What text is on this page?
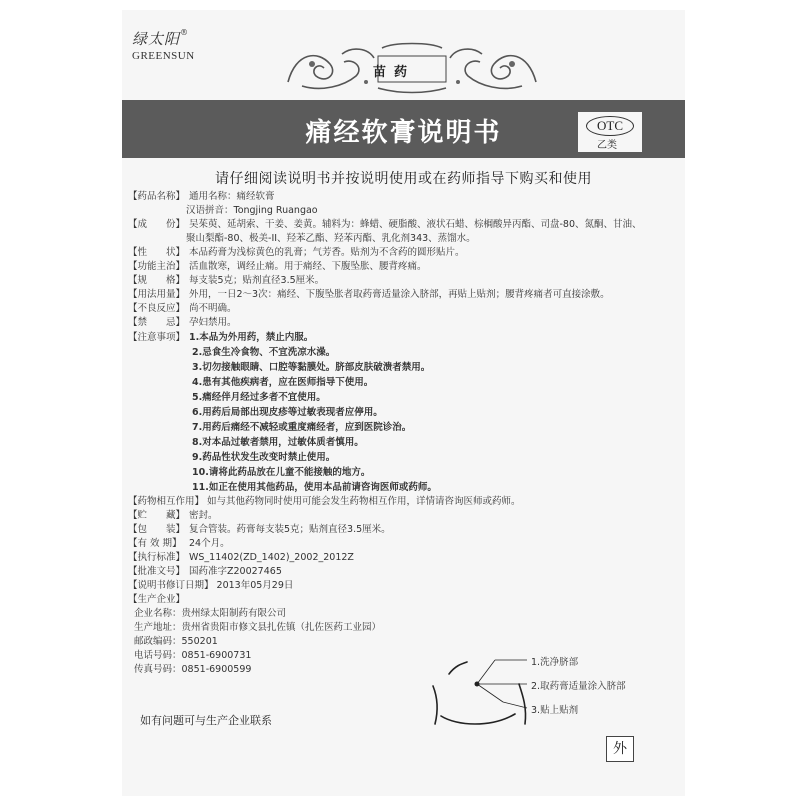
绿太阳®
GREENSUN
苗药
痛经软膏说明书	OTC
乙类
请仔细阅读说明书并按说明使用或在药师指导下购买和使用
【 药品名称 】 通用名称：痛经软膏
汉语拼音：Tongjing Ruangao
【 成　　份 】 吴茱萸、延胡索、干姜、姜黄。辅料为：蜂蜡、硬脂酸、液状石蜡、棕榈酸异丙酯、司盘-80、氮酮、甘油、
聚山梨酯-80、极美-II、羟苯乙酯、羟苯丙酯、乳化剂343、蒸馏水。
【 性　　状 】 本品药膏为浅棕黄色的乳膏；气芳香。贴剂为不含药的圆形贴片。
【 功能主治 】 活血散寒，调经止痛。用于痛经、下腹坠胀、腰背疼痛。
【 规　　格 】 每支装5克；贴剂直径3.5厘米。
【 用法用量 】 外用，一日2～3次：痛经、下腹坠胀者取药膏适量涂入脐部，再贴上贴剂；腰背疼痛者可直接涂敷。
【 不良反应 】 尚不明确。
【 禁　　忌 】 孕妇禁用。
【 注意事项 】 1.本品为外用药，禁止内服。
2.忌食生冷食物、不宜洗凉水澡。
3.切勿接触眼睛、口腔等黏膜处。脐部皮肤破溃者禁用。
4.患有其他疾病者，应在医师指导下使用。
5.痛经伴月经过多者不宜使用。
6.用药后局部出现皮疹等过敏表现者应停用。
7.用药后痛经不减轻或重度痛经者，应到医院诊治。
8.对本品过敏者禁用，过敏体质者慎用。
9.药品性状发生改变时禁止使用。
10.请将此药品放在儿童不能接触的地方。
11.如正在使用其他药品，使用本品前请咨询医师或药师。
【 药物相互作用 】 如与其他药物同时使用可能会发生药物相互作用，详情请咨询医师或药师。
【 贮　　藏 】 密封。
【 包　　装 】 复合管装。药膏每支装5克；贴剂直径3.5厘米。
【 有 效 期 】 24个月。
【 执行标准 】 WS_11402(ZD_1402)_2002_2012Z
【 批准文号 】 国药准字Z20027465
【 说明书修订日期 】 2013年05月29日
【 生产企业 】
企业名称：贵州绿太阳制药有限公司
生产地址：贵州省贵阳市修文县扎佐镇（扎佐医药工业园）
邮政编码：550201
电话号码：0851-6900731
传真号码：0851-6900599
1.洗净脐部
2.取药膏适量涂入脐部
3.贴上贴剂
如有问题可与生产企业联系
外
